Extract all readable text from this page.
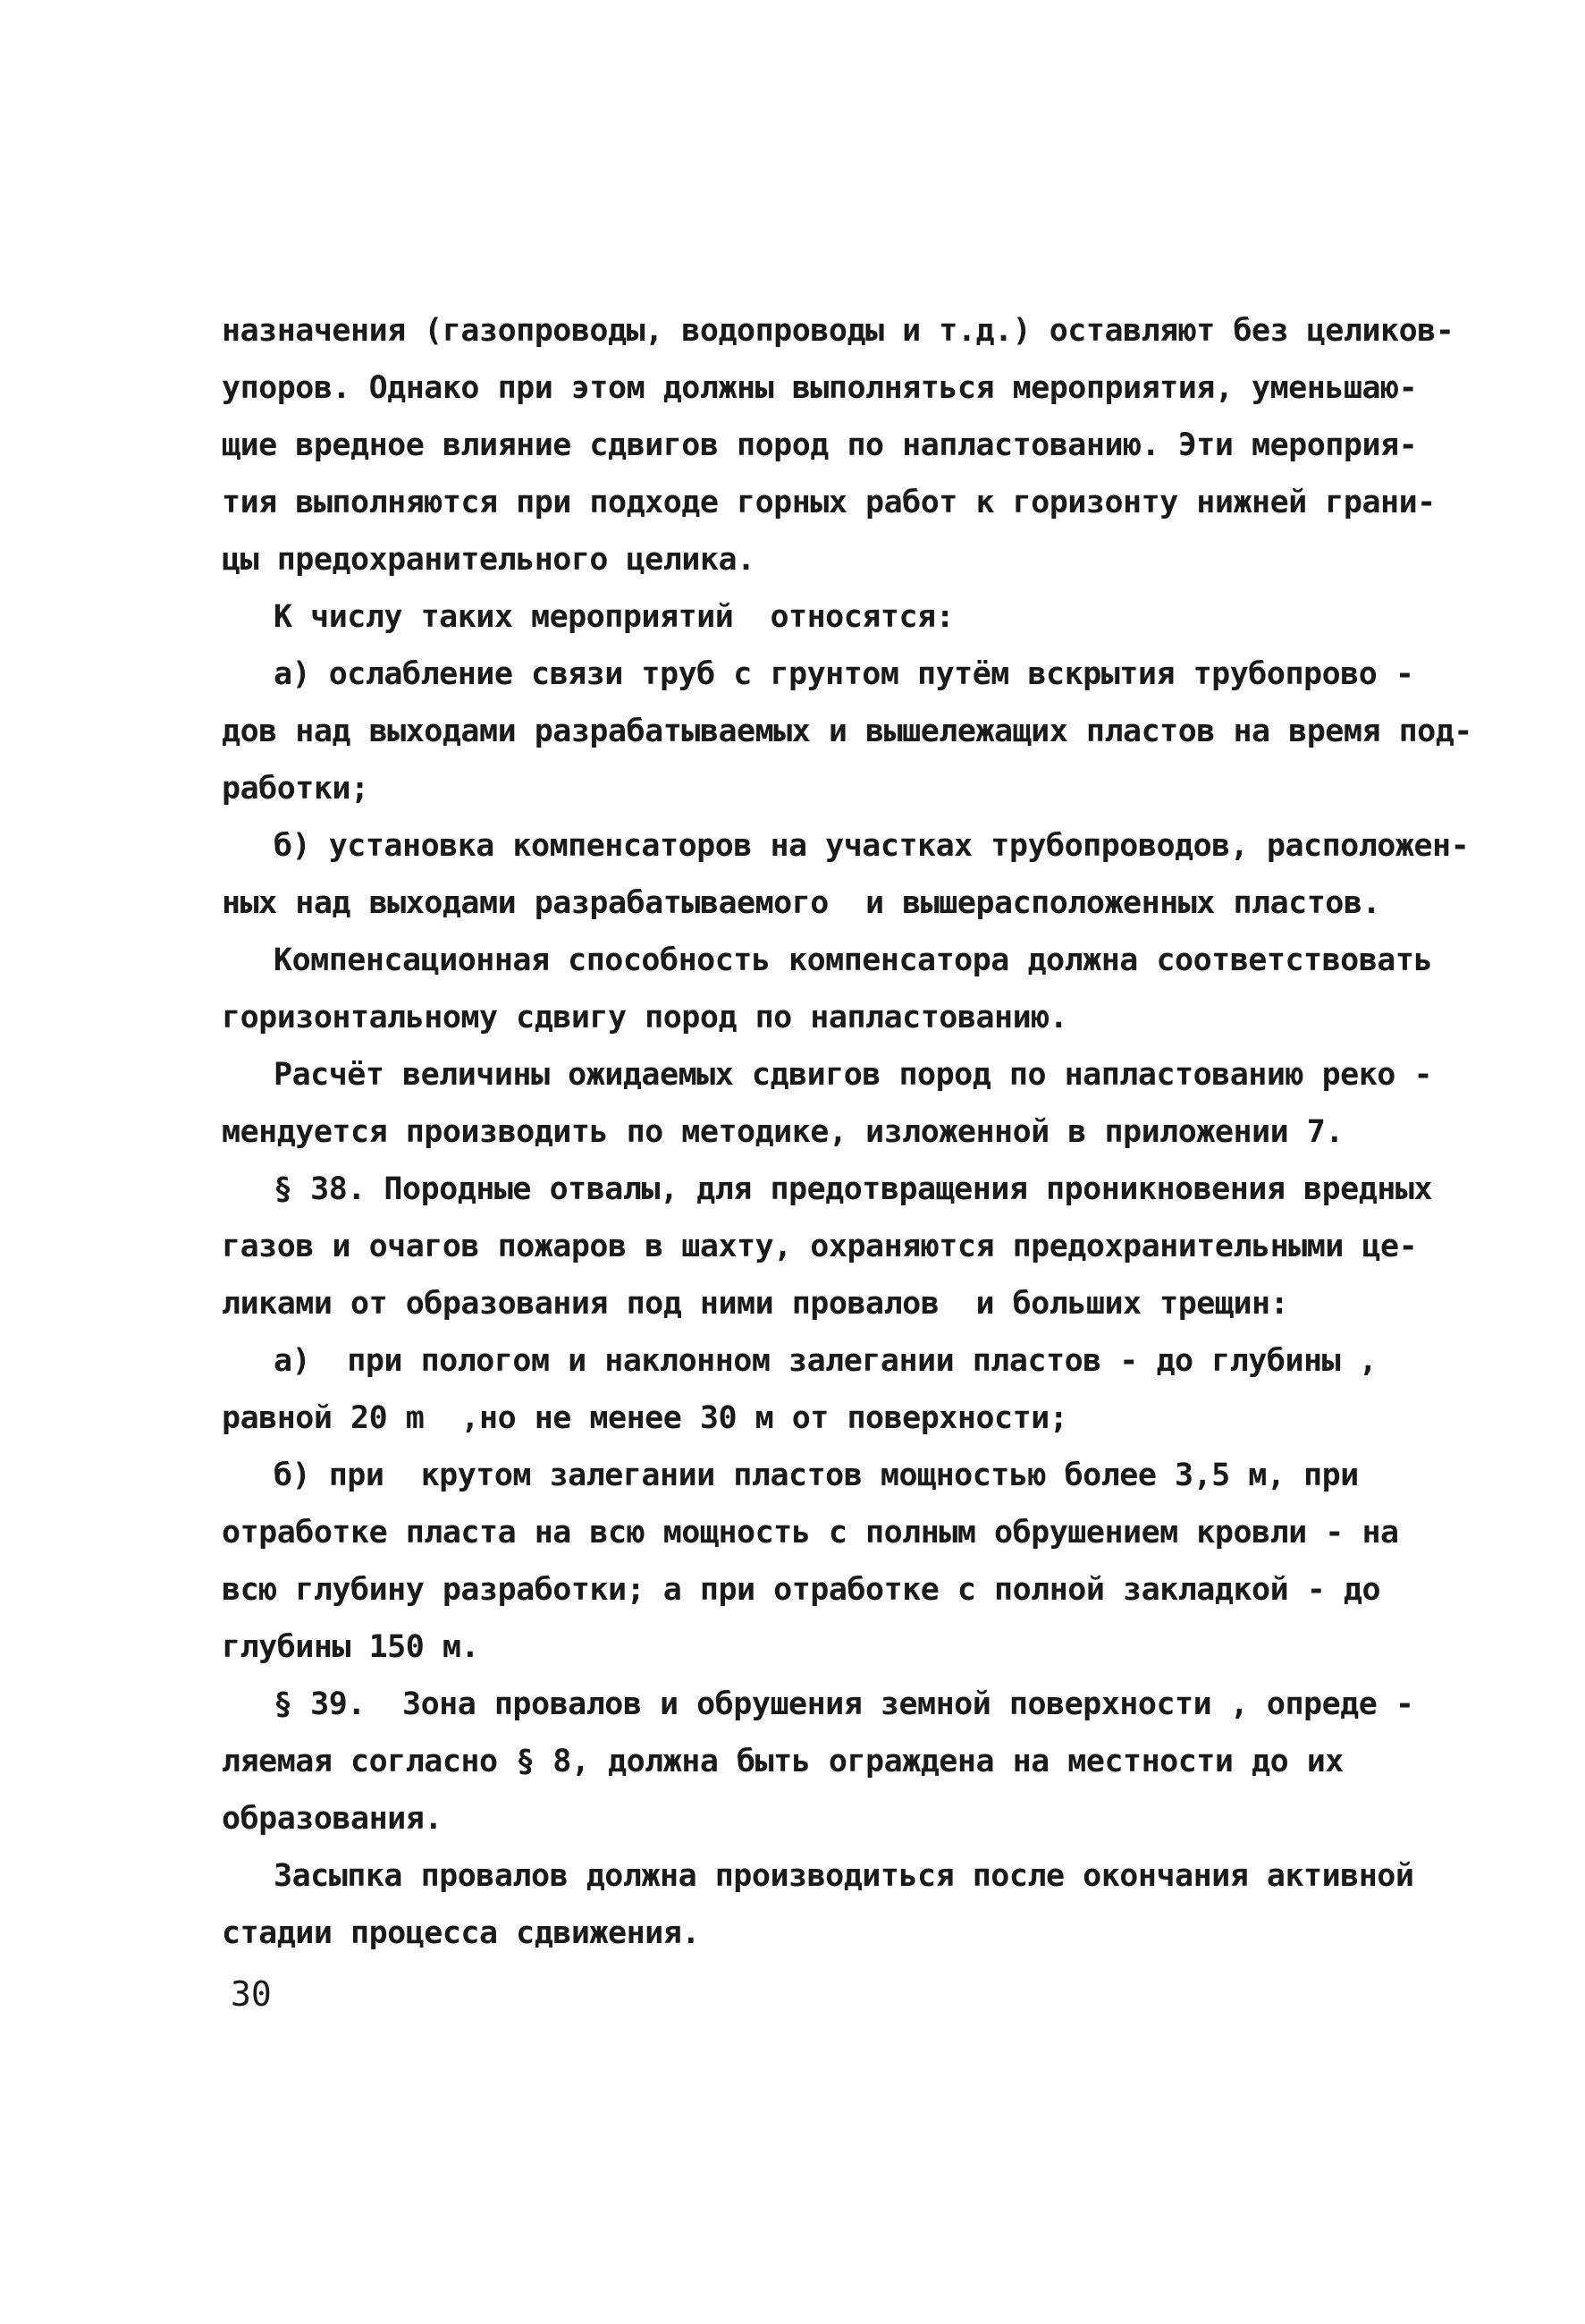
назначения (газопроводы, водопроводы и т.д.) оставляют без целиков-
упоров. Однако при этом должны выполняться мероприятия, уменьшаю-
щие вредное влияние сдвигов пород по напластованию. Эти мероприя-
тия выполняются при подходе горных работ к горизонту нижней грани-
цы предохранительного целика.
К числу таких мероприятий  относятся:
а) ослабление связи труб с грунтом путём вскрытия трубопрово -
дов над выходами разрабатываемых и вышележащих пластов на время под-
работки;
б) установка компенсаторов на участках трубопроводов, расположен-
ных над выходами разрабатываемого  и вышерасположенных пластов.
Компенсационная способность компенсатора должна соответствовать
горизонтальному сдвигу пород по напластованию.
Расчёт величины ожидаемых сдвигов пород по напластованию реко -
мендуется производить по методике, изложенной в приложении 7.
§ 38. Породные отвалы, для предотвращения проникновения вредных
газов и очагов пожаров в шахту, охраняются предохранительными це-
ликами от образования под ними провалов  и больших трещин:
а)  при пологом и наклонном залегании пластов - до глубины ,
равной 20 m  ,но не менее 30 м от поверхности;
б) при  крутом залегании пластов мощностью более 3,5 м, при
отработке пласта на всю мощность с полным обрушением кровли - на
всю глубину разработки; а при отработке с полной закладкой - до
глубины 150 м.
§ 39.  Зона провалов и обрушения земной поверхности , опреде -
ляемая согласно § 8, должна быть ограждена на местности до их
образования.
Засыпка провалов должна производиться после окончания активной
стадии процесса сдвижения.
30
